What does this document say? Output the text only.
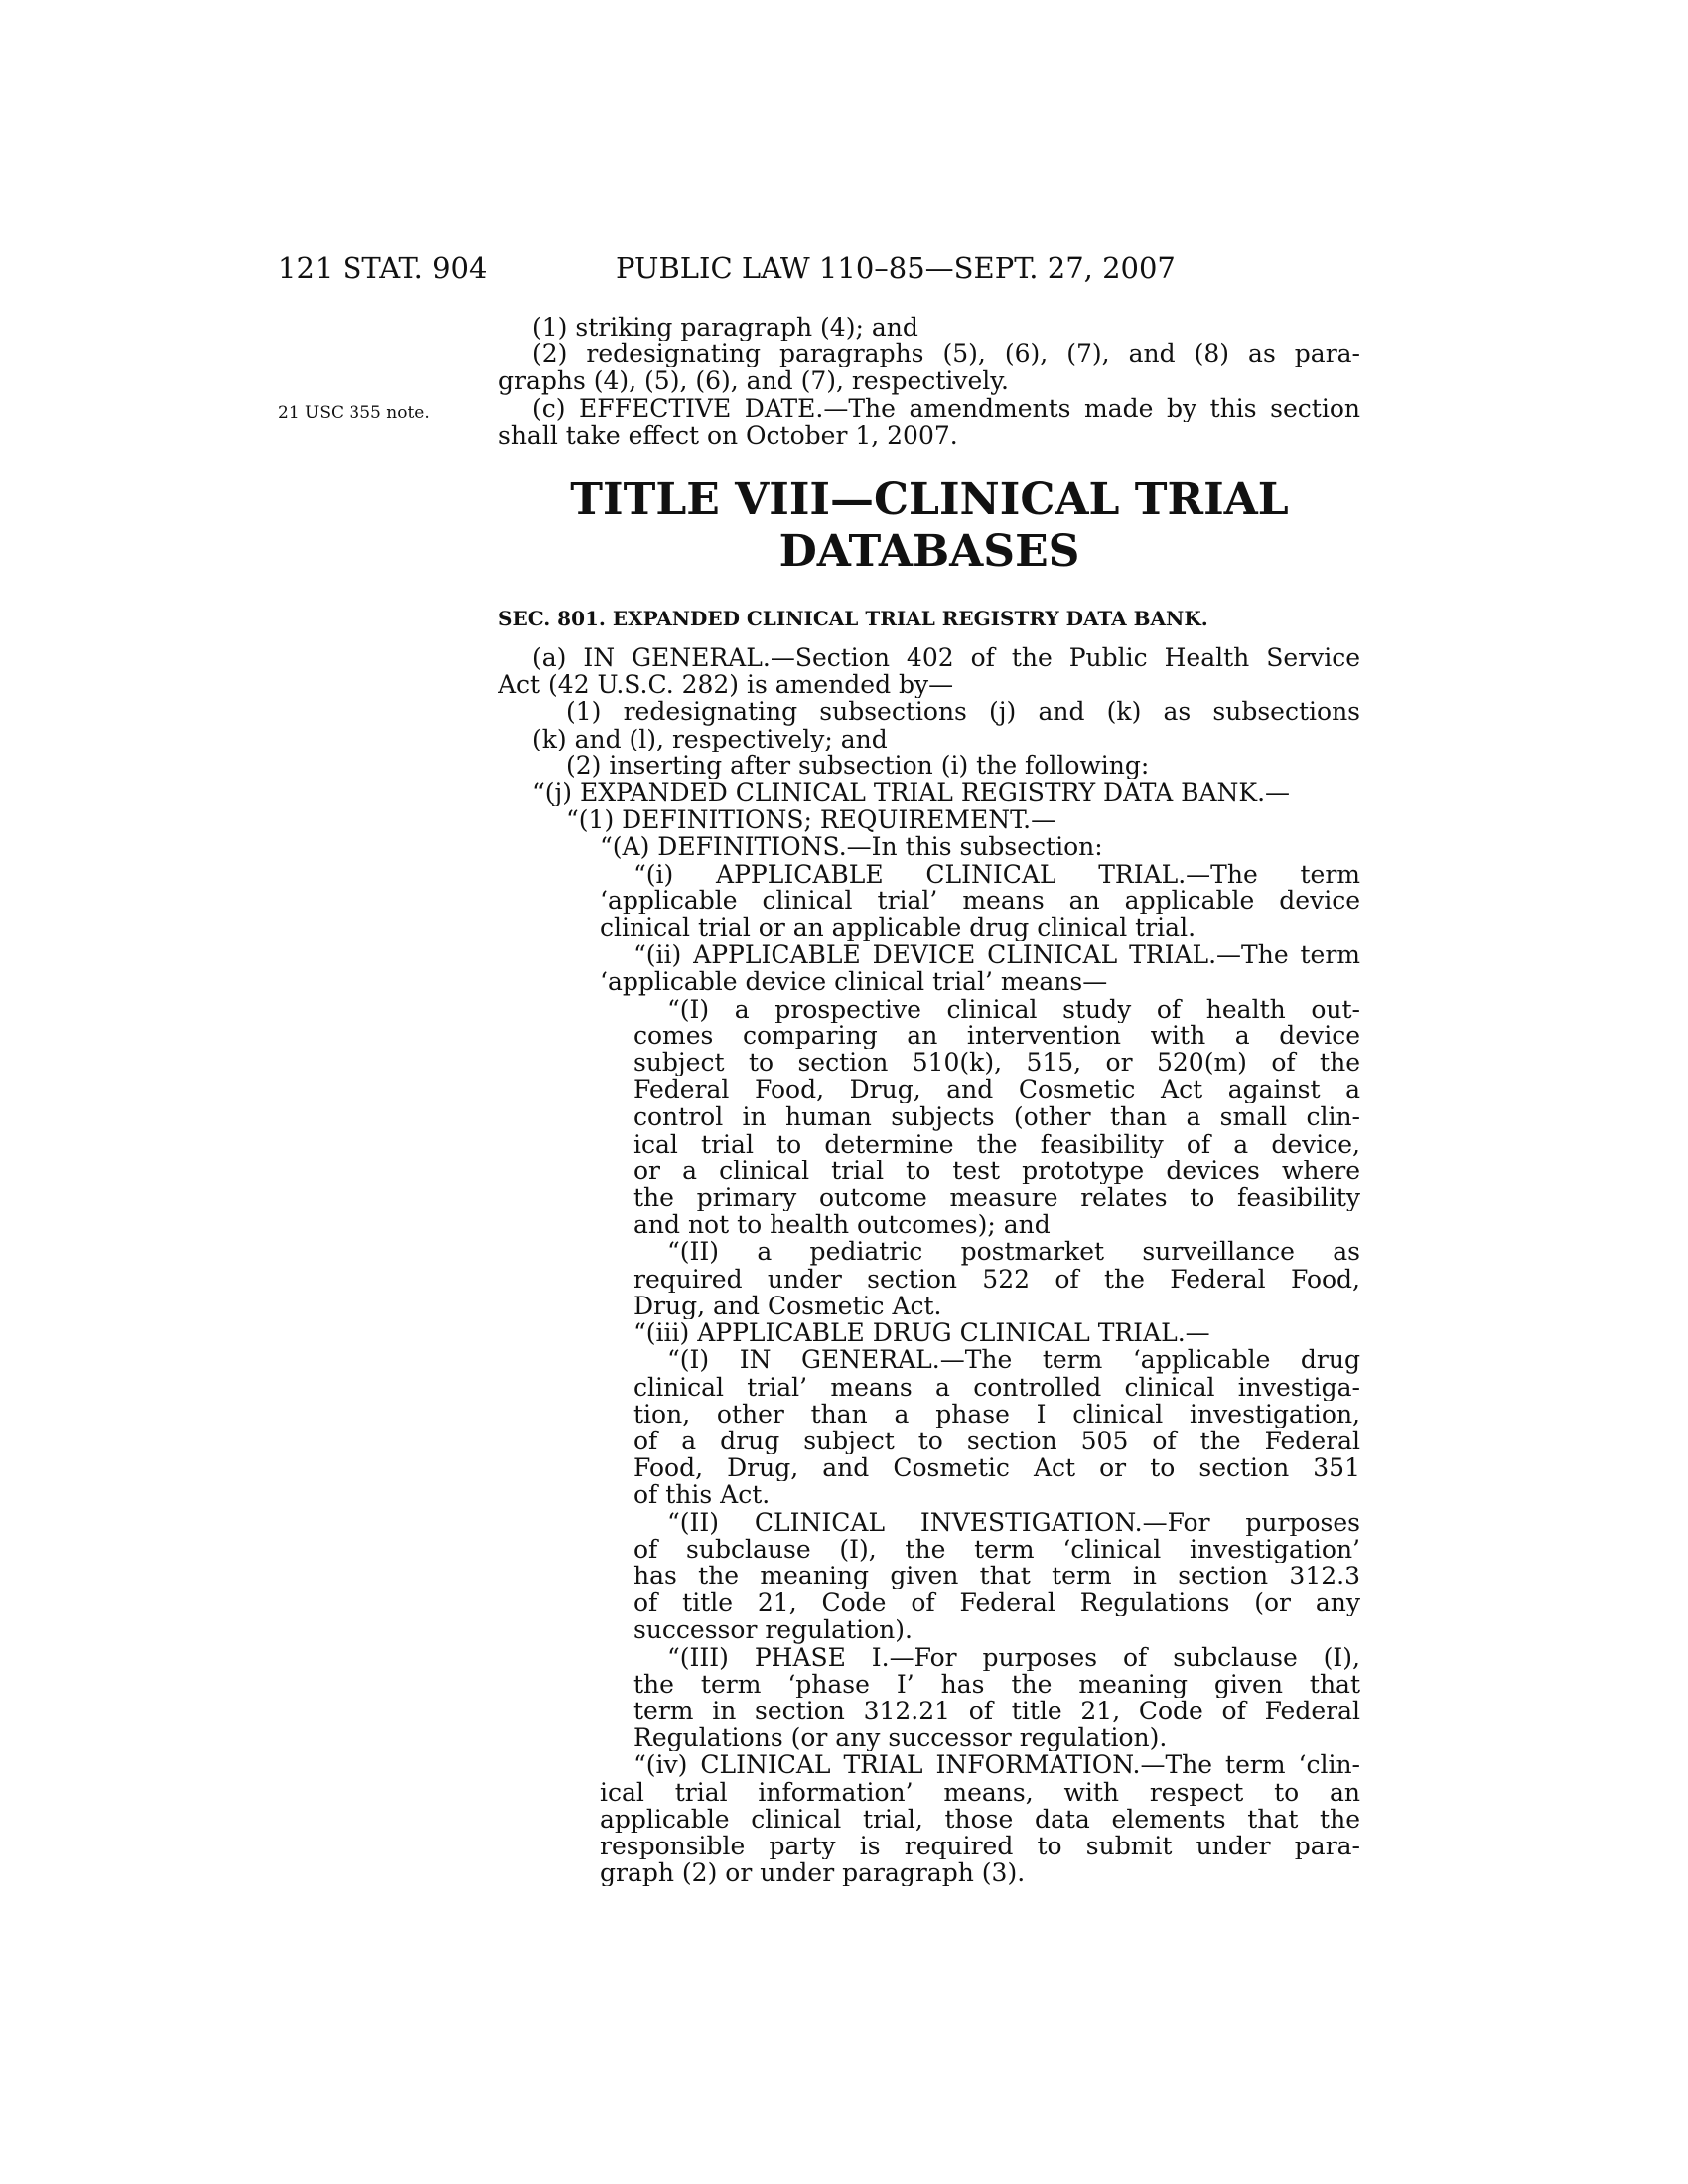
121 STAT. 904	PUBLIC LAW 110–85—SEPT. 27, 2007
21 USC 355 note.
(1) striking paragraph (4); and
(2) redesignating paragraphs (5), (6), (7), and (8) as para-
graphs (4), (5), (6), and (7), respectively.
(c) EFFECTIVE DATE.—The amendments made by this section
shall take effect on October 1, 2007.
TITLE VIII—CLINICAL TRIAL
DATABASES
SEC. 801. EXPANDED CLINICAL TRIAL REGISTRY DATA BANK.
(a) IN GENERAL.—Section 402 of the Public Health Service
Act (42 U.S.C. 282) is amended by—
(1) redesignating subsections (j) and (k) as subsections
(k) and (l), respectively; and
(2) inserting after subsection (i) the following:
“(j) EXPANDED CLINICAL TRIAL REGISTRY DATA BANK.—
“(1) DEFINITIONS; REQUIREMENT.—
“(A) DEFINITIONS.—In this subsection:
“(i) APPLICABLE CLINICAL TRIAL.—The term
‘applicable clinical trial’ means an applicable device
clinical trial or an applicable drug clinical trial.
“(ii) APPLICABLE DEVICE CLINICAL TRIAL.—The term
‘applicable device clinical trial’ means—
“(I) a prospective clinical study of health out-
comes comparing an intervention with a device
subject to section 510(k), 515, or 520(m) of the
Federal Food, Drug, and Cosmetic Act against a
control in human subjects (other than a small clin-
ical trial to determine the feasibility of a device,
or a clinical trial to test prototype devices where
the primary outcome measure relates to feasibility
and not to health outcomes); and
“(II) a pediatric postmarket surveillance as
required under section 522 of the Federal Food,
Drug, and Cosmetic Act.
“(iii) APPLICABLE DRUG CLINICAL TRIAL.—
“(I) IN GENERAL.—The term ‘applicable drug
clinical trial’ means a controlled clinical investiga-
tion, other than a phase I clinical investigation,
of a drug subject to section 505 of the Federal
Food, Drug, and Cosmetic Act or to section 351
of this Act.
“(II) CLINICAL INVESTIGATION.—For purposes
of subclause (I), the term ‘clinical investigation’
has the meaning given that term in section 312.3
of title 21, Code of Federal Regulations (or any
successor regulation).
“(III) PHASE I.—For purposes of subclause (I),
the term ‘phase I’ has the meaning given that
term in section 312.21 of title 21, Code of Federal
Regulations (or any successor regulation).
“(iv) CLINICAL TRIAL INFORMATION.—The term ‘clin-
ical trial information’ means, with respect to an
applicable clinical trial, those data elements that the
responsible party is required to submit under para-
graph (2) or under paragraph (3).
